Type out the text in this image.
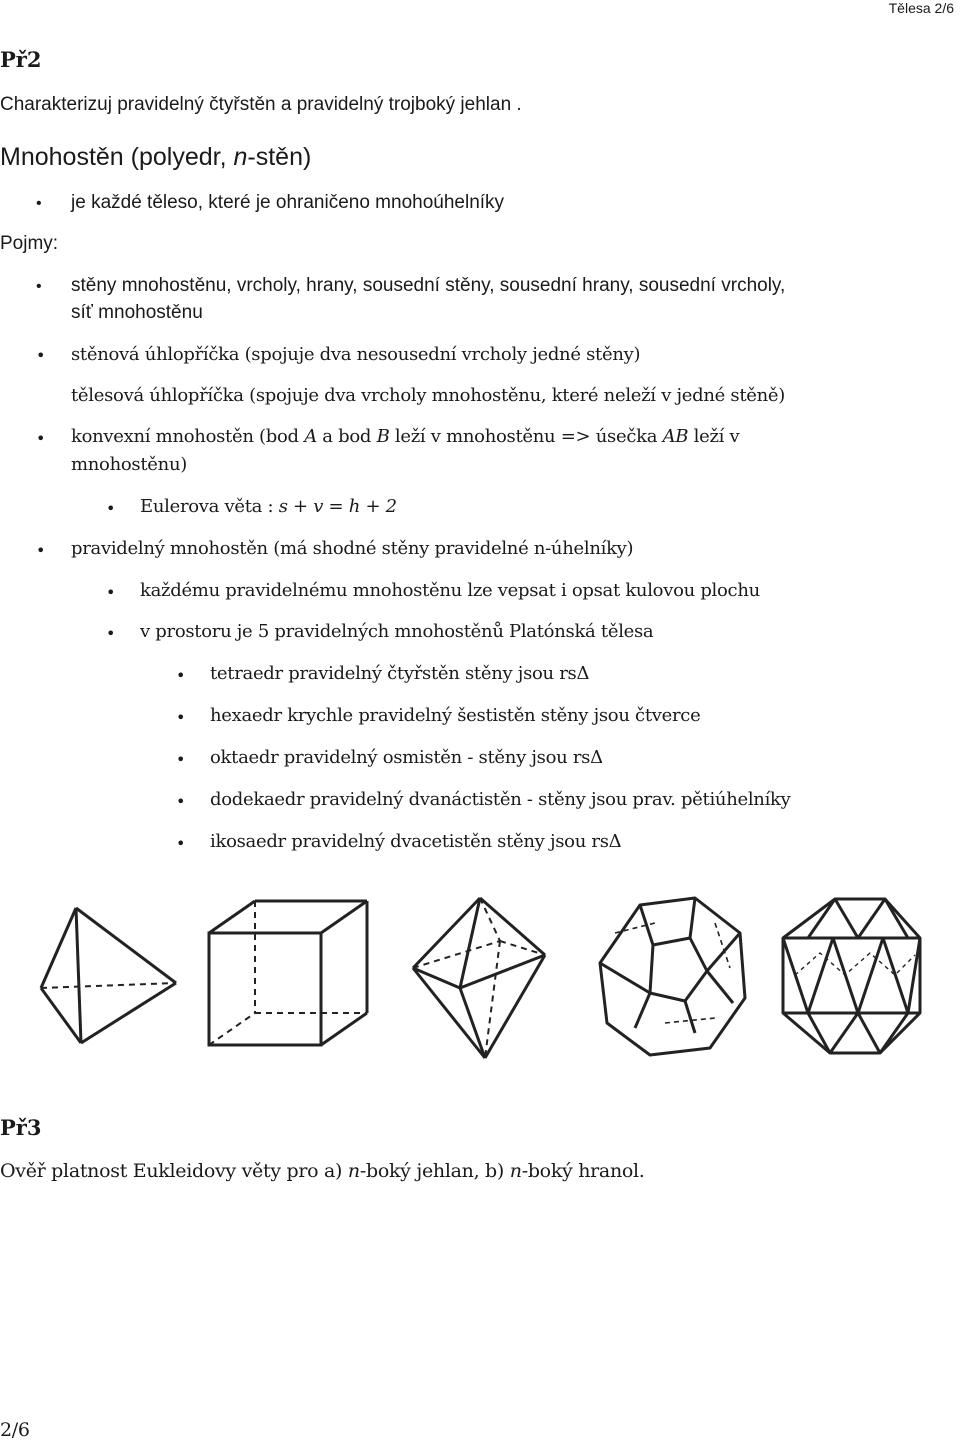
Tělesa 2/6
Př2
Charakterizuj pravidelný čtyřstěn a pravidelný trojboký jehlan .
Mnohostěn (polyedr, n-stěn)
• je každé těleso, které je ohraničeno mnohoúhelníky
Pojmy:
• stěny mnohostěnu, vrcholy, hrany, sousední stěny, sousední hrany, sousední vrcholy,
síť mnohostěnu
• stěnová úhlopříčka (spojuje dva nesousední vrcholy jedné stěny)
tělesová úhlopříčka (spojuje dva vrcholy mnohostěnu, které neleží v jedné stěně)
• konvexní mnohostěn (bod A a bod B leží v mnohostěnu => úsečka AB leží v
mnohostěnu)
• Eulerova věta : s + v = h + 2
• pravidelný mnohostěn (má shodné stěny pravidelné n-úhelníky)
• každému pravidelnému mnohostěnu lze vepsat i opsat kulovou plochu
• v prostoru je 5 pravidelných mnohostěnů Platónská tělesa
• tetraedr pravidelný čtyřstěn stěny jsou rsΔ
• hexaedr krychle pravidelný šestistěn stěny jsou čtverce
• oktaedr pravidelný osmistěn - stěny jsou rsΔ
• dodekaedr pravidelný dvanáctistěn - stěny jsou prav. pětiúhelníky
• ikosaedr pravidelný dvacetistěn stěny jsou rsΔ
Př3
Ověř platnost Eukleidovy věty pro a) n-boký jehlan, b) n-boký hranol.
2/6
